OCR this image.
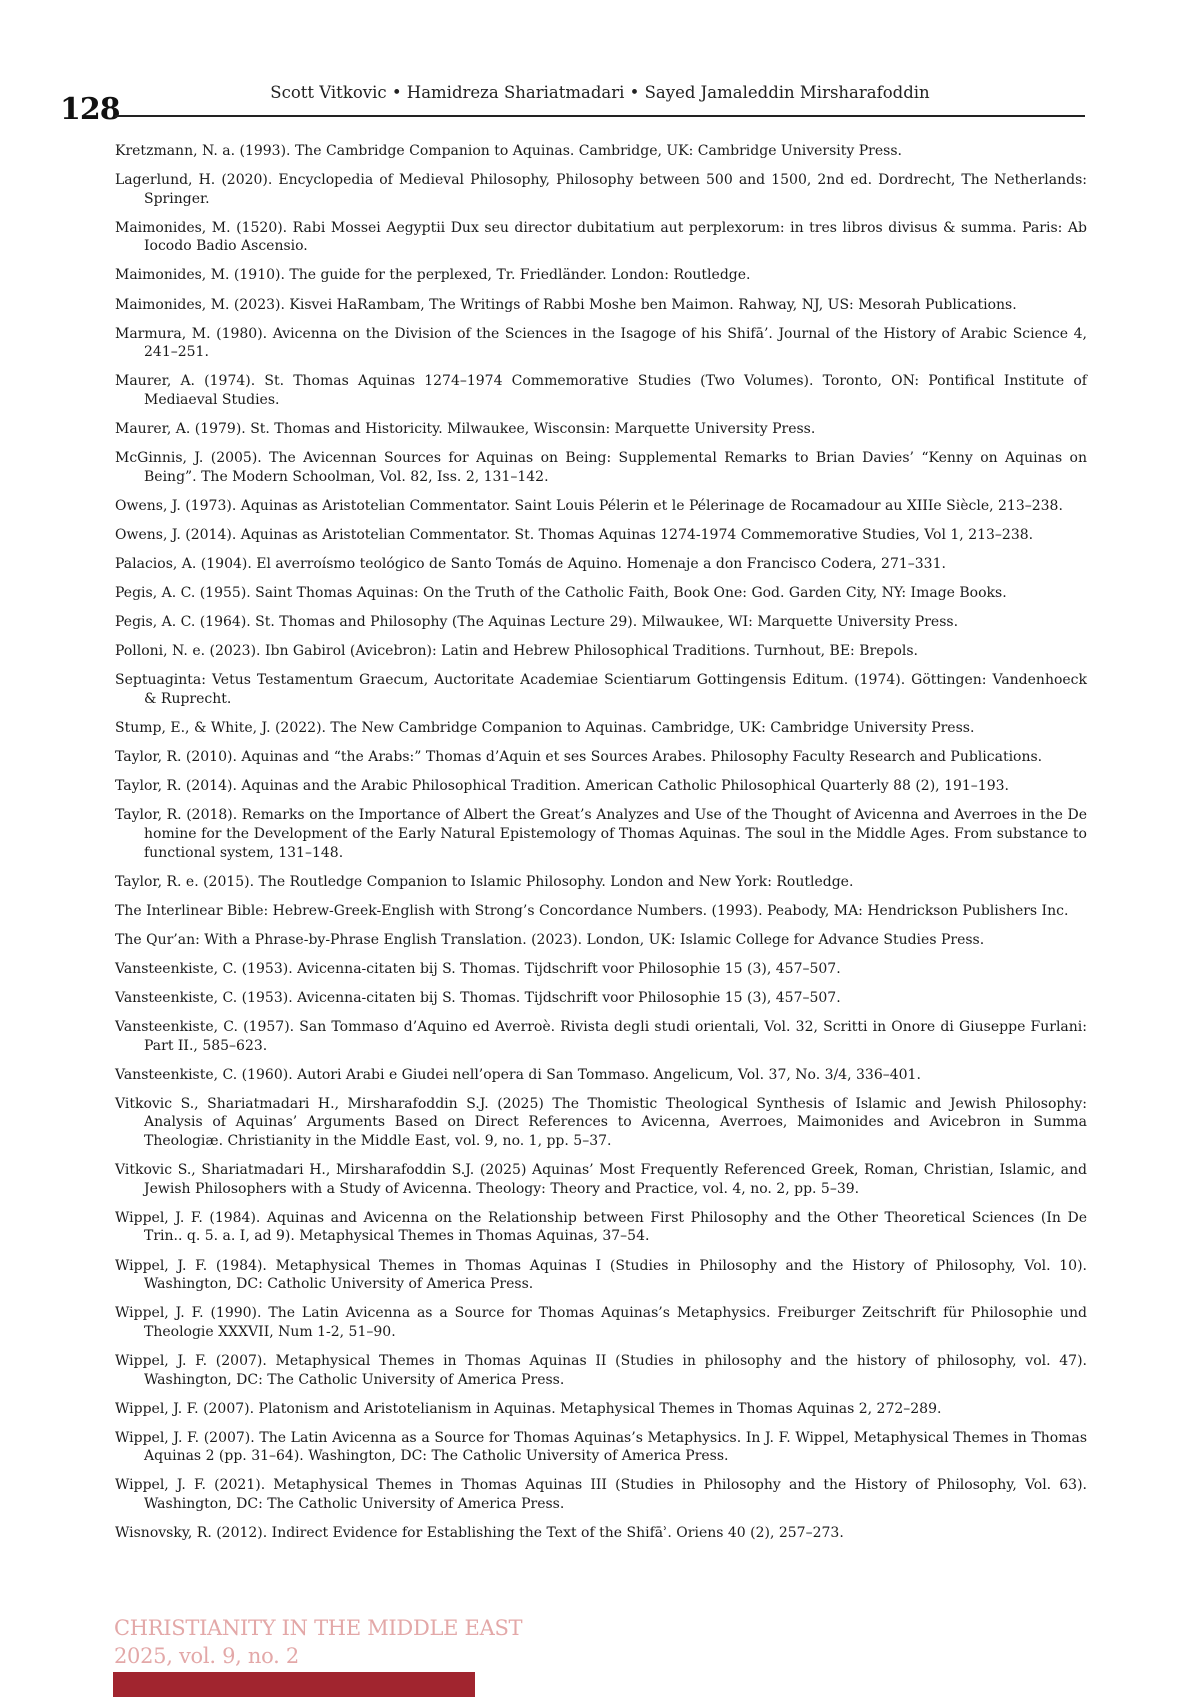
128	Scott Vitkovic • Hamidreza Shariatmadari • Sayed Jamaleddin Mirsharafoddin
Kretzmann, N. a. (1993). The Cambridge Companion to Aquinas. Cambridge, UK: Cambridge University Press.
Lagerlund, H. (2020). Encyclopedia of Medieval Philosophy, Philosophy between 500 and 1500, 2nd ed. Dordrecht, The Netherlands: Springer.
Maimonides, M. (1520). Rabi Mossei Aegyptii Dux seu director dubitatium aut perplexorum: in tres libros divisus & summa. Paris: Ab Iocodo Badio Ascensio.
Maimonides, M. (1910). The guide for the perplexed, Tr. Friedländer. London: Routledge.
Maimonides, M. (2023). Kisvei HaRambam, The Writings of Rabbi Moshe ben Maimon. Rahway, NJ, US: Mesorah Publications.
Marmura, M. (1980). Avicenna on the Division of the Sciences in the Isagoge of his Shifā’. Journal of the History of Arabic Science 4, 241–251.
Maurer, A. (1974). St. Thomas Aquinas 1274–1974 Commemorative Studies (Two Volumes). Toronto, ON: Pontifical Institute of Mediaeval Studies.
Maurer, A. (1979). St. Thomas and Historicity. Milwaukee, Wisconsin: Marquette University Press.
McGinnis, J. (2005). The Avicennan Sources for Aquinas on Being: Supplemental Remarks to Brian Davies’ “Kenny on Aquinas on Being”. The Modern Schoolman, Vol. 82, Iss. 2, 131–142.
Owens, J. (1973). Aquinas as Aristotelian Commentator. Saint Louis Pélerin et le Pélerinage de Rocamadour au XIIIe Siècle, 213–238.
Owens, J. (2014). Aquinas as Aristotelian Commentator. St. Thomas Aquinas 1274-1974 Commemorative Studies, Vol 1, 213–238.
Palacios, A. (1904). El averroísmo teológico de Santo Tomás de Aquino. Homenaje a don Francisco Codera, 271–331.
Pegis, A. C. (1955). Saint Thomas Aquinas: On the Truth of the Catholic Faith, Book One: God. Garden City, NY: Image Books.
Pegis, A. C. (1964). St. Thomas and Philosophy (The Aquinas Lecture 29). Milwaukee, WI: Marquette University Press.
Polloni, N. e. (2023). Ibn Gabirol (Avicebron): Latin and Hebrew Philosophical Traditions. Turnhout, BE: Brepols.
Septuaginta: Vetus Testamentum Graecum, Auctoritate Academiae Scientiarum Gottingensis Editum. (1974). Göttingen: Vandenhoeck & Ruprecht.
Stump, E., & White, J. (2022). The New Cambridge Companion to Aquinas. Cambridge, UK: Cambridge University Press.
Taylor, R. (2010). Aquinas and “the Arabs:” Thomas d’Aquin et ses Sources Arabes. Philosophy Faculty Research and Publications.
Taylor, R. (2014). Aquinas and the Arabic Philosophical Tradition. American Catholic Philosophical Quarterly 88 (2), 191–193.
Taylor, R. (2018). Remarks on the Importance of Albert the Great’s Analyzes and Use of the Thought of Avicenna and Averroes in the De homine for the Development of the Early Natural Epistemology of Thomas Aquinas. The soul in the Middle Ages. From substance to functional system, 131–148.
Taylor, R. e. (2015). The Routledge Companion to Islamic Philosophy. London and New York: Routledge.
The Interlinear Bible: Hebrew-Greek-English with Strong’s Concordance Numbers. (1993). Peabody, MA: Hendrickson Publishers Inc.
The Qur’an: With a Phrase-by-Phrase English Translation. (2023). London, UK: Islamic College for Advance Studies Press.
Vansteenkiste, C. (1953). Avicenna-citaten bij S. Thomas. Tijdschrift voor Philosophie 15 (3), 457–507.
Vansteenkiste, C. (1953). Avicenna-citaten bij S. Thomas. Tijdschrift voor Philosophie 15 (3), 457–507.
Vansteenkiste, C. (1957). San Tommaso d’Aquino ed Averroè. Rivista degli studi orientali, Vol. 32, Scritti in Onore di Giuseppe Furlani: Part II., 585–623.
Vansteenkiste, C. (1960). Autori Arabi e Giudei nell’opera di San Tommaso. Angelicum, Vol. 37, No. 3/4, 336–401.
Vitkovic S., Shariatmadari H., Mirsharafoddin S.J. (2025) The Thomistic Theological Synthesis of Islamic and Jewish Philosophy: Analysis of Aquinas’ Arguments Based on Direct References to Avicenna, Averroes, Maimonides and Avicebron in Summa Theologiæ. Christianity in the Middle East, vol. 9, no. 1, pp. 5–37.
Vitkovic S., Shariatmadari H., Mirsharafoddin S.J. (2025) Aquinas’ Most Frequently Referenced Greek, Roman, Christian, Islamic, and Jewish Philosophers with a Study of Avicenna. Theology: Theory and Practice, vol. 4, no. 2, pp. 5–39.
Wippel, J. F. (1984). Aquinas and Avicenna on the Relationship between First Philosophy and the Other Theoretical Sciences (In De Trin.. q. 5. a. I, ad 9). Metaphysical Themes in Thomas Aquinas, 37–54.
Wippel, J. F. (1984). Metaphysical Themes in Thomas Aquinas I (Studies in Philosophy and the History of Philosophy, Vol. 10). Washington, DC: Catholic University of America Press.
Wippel, J. F. (1990). The Latin Avicenna as a Source for Thomas Aquinas’s Metaphysics. Freiburger Zeitschrift für Philosophie und Theologie XXXVII, Num 1-2, 51–90.
Wippel, J. F. (2007). Metaphysical Themes in Thomas Aquinas II (Studies in philosophy and the history of philosophy, vol. 47). Washington, DC: The Catholic University of America Press.
Wippel, J. F. (2007). Platonism and Aristotelianism in Aquinas. Metaphysical Themes in Thomas Aquinas 2, 272–289.
Wippel, J. F. (2007). The Latin Avicenna as a Source for Thomas Aquinas’s Metaphysics. In J. F. Wippel, Metaphysical Themes in Thomas Aquinas 2 (pp. 31–64). Washington, DC: The Catholic University of America Press.
Wippel, J. F. (2021). Metaphysical Themes in Thomas Aquinas III (Studies in Philosophy and the History of Philosophy, Vol. 63). Washington, DC: The Catholic University of America Press.
Wisnovsky, R. (2012). Indirect Evidence for Establishing the Text of the Shifāʾ. Oriens 40 (2), 257–273.
CHRISTIANITY IN THE MIDDLE EAST
2025, vol. 9, no. 2
